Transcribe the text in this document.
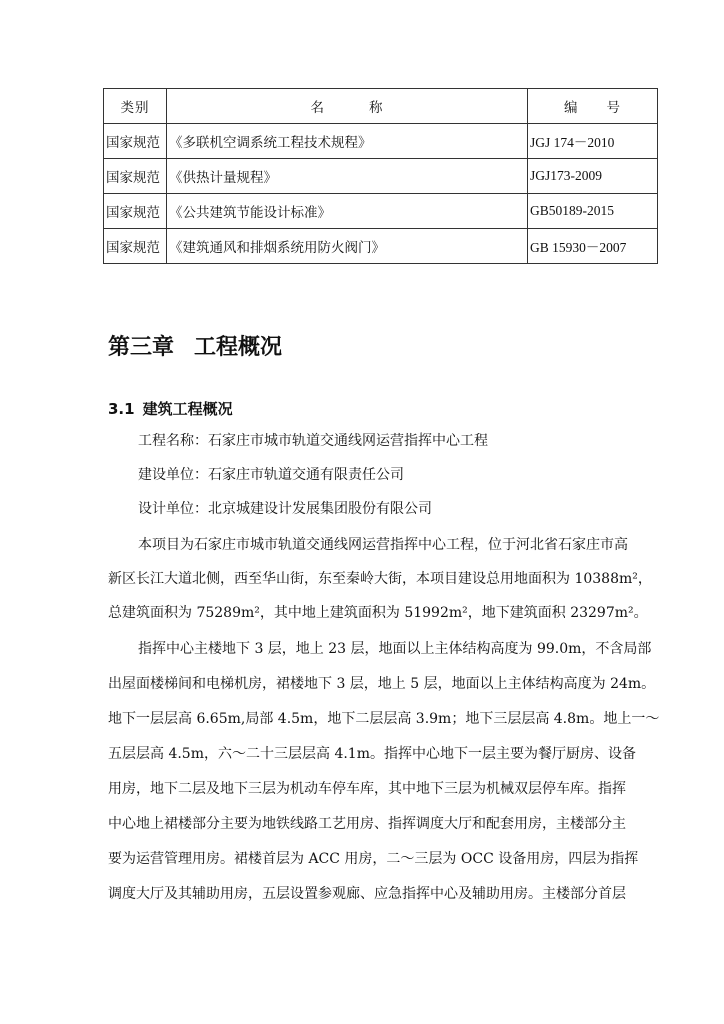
类别	名 称	编 号
国家规范	《多联机空调系统工程技术规程》	JGJ 174－2010
国家规范	《供热计量规程》	JGJ173-2009
国家规范	《公共建筑节能设计标准》	GB50189-2015
国家规范	《建筑通风和排烟系统用防火阀门》	GB 15930－2007
第三章 工程概况
3.1 建筑工程概况

工程名称：石家庄市城市轨道交通线网运营指挥中心工程

建设单位：石家庄市轨道交通有限责任公司

设计单位：北京城建设计发展集团股份有限公司

本项目为石家庄市城市轨道交通线网运营指挥中心工程，位于河北省石家庄市高

新区长江大道北侧，西至华山街，东至秦岭大街，本项目建设总用地面积为 10388m²，

总建筑面积为 75289m²，其中地上建筑面积为 51992m²，地下建筑面积 23297m²。

指挥中心主楼地下 3 层，地上 23 层，地面以上主体结构高度为 99.0m，不含局部

出屋面楼梯间和电梯机房，裙楼地下 3 层，地上 5 层，地面以上主体结构高度为 24m。

地下一层层高 6.65m,局部 4.5m，地下二层层高 3.9m；地下三层层高 4.8m。地上一～

五层层高 4.5m，六～二十三层层高 4.1m。指挥中心地下一层主要为餐厅厨房、设备

用房，地下二层及地下三层为机动车停车库，其中地下三层为机械双层停车库。指挥

中心地上裙楼部分主要为地铁线路工艺用房、指挥调度大厅和配套用房，主楼部分主

要为运营管理用房。裙楼首层为 ACC 用房，二～三层为 OCC 设备用房，四层为指挥

调度大厅及其辅助用房，五层设置参观廊、应急指挥中心及辅助用房。主楼部分首层
